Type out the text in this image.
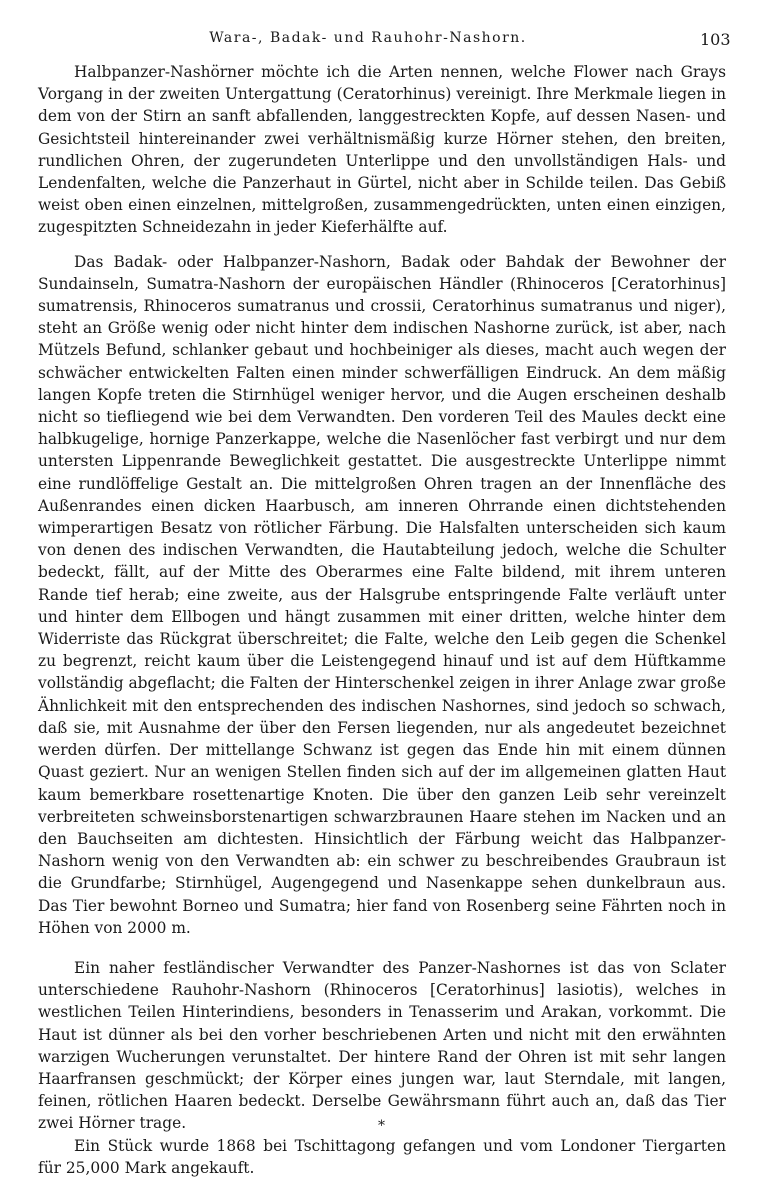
Wara-, Badak- und Rauhohr-Nashorn.	103

Halbpanzer-Nashörner möchte ich die Arten nennen, welche Flower nach Grays Vorgang in der zweiten Untergattung (Ceratorhinus) vereinigt. Ihre Merkmale liegen in dem von der Stirn an sanft abfallenden, langgestreckten Kopfe, auf dessen Nasen- und Gesichtsteil hintereinander zwei verhältnismäßig kurze Hörner stehen, den breiten, rundlichen Ohren, der zugerundeten Unterlippe und den unvollständigen Hals- und Lendenfalten, welche die Panzerhaut in Gürtel, nicht aber in Schilde teilen. Das Gebiß weist oben einen einzelnen, mittelgroßen, zusammengedrückten, unten einen einzigen, zugespitzten Schneidezahn in jeder Kieferhälfte auf.

Das Badak- oder Halbpanzer-Nashorn, Badak oder Bahdak der Bewohner der Sundainseln, Sumatra-Nashorn der europäischen Händler (Rhinoceros [Ceratorhinus] sumatrensis, Rhinoceros sumatranus und crossii, Ceratorhinus sumatranus und niger), steht an Größe wenig oder nicht hinter dem indischen Nashorne zurück, ist aber, nach Mützels Befund, schlanker gebaut und hochbeiniger als dieses, macht auch wegen der schwächer entwickelten Falten einen minder schwerfälligen Eindruck. An dem mäßig langen Kopfe treten die Stirnhügel weniger hervor, und die Augen erscheinen deshalb nicht so tiefliegend wie bei dem Verwandten. Den vorderen Teil des Maules deckt eine halbkugelige, hornige Panzerkappe, welche die Nasenlöcher fast verbirgt und nur dem untersten Lippenrande Beweglichkeit gestattet. Die ausgestreckte Unterlippe nimmt eine rundlöffelige Gestalt an. Die mittelgroßen Ohren tragen an der Innenfläche des Außenrandes einen dicken Haarbusch, am inneren Ohrrande einen dichtstehenden wimperartigen Besatz von rötlicher Färbung. Die Halsfalten unterscheiden sich kaum von denen des indischen Verwandten, die Hautabteilung jedoch, welche die Schulter bedeckt, fällt, auf der Mitte des Oberarmes eine Falte bildend, mit ihrem unteren Rande tief herab; eine zweite, aus der Halsgrube entspringende Falte verläuft unter und hinter dem Ellbogen und hängt zusammen mit einer dritten, welche hinter dem Widerriste das Rückgrat überschreitet; die Falte, welche den Leib gegen die Schenkel zu begrenzt, reicht kaum über die Leistengegend hinauf und ist auf dem Hüftkamme vollständig abgeflacht; die Falten der Hinterschenkel zeigen in ihrer Anlage zwar große Ähnlichkeit mit den entsprechenden des indischen Nashornes, sind jedoch so schwach, daß sie, mit Ausnahme der über den Fersen liegenden, nur als angedeutet bezeichnet werden dürfen. Der mittellange Schwanz ist gegen das Ende hin mit einem dünnen Quast geziert. Nur an wenigen Stellen finden sich auf der im allgemeinen glatten Haut kaum bemerkbare rosettenartige Knoten. Die über den ganzen Leib sehr vereinzelt verbreiteten schweinsborstenartigen schwarzbraunen Haare stehen im Nacken und an den Bauchseiten am dichtesten. Hinsichtlich der Färbung weicht das Halbpanzer-Nashorn wenig von den Verwandten ab: ein schwer zu beschreibendes Graubraun ist die Grundfarbe; Stirnhügel, Augengegend und Nasenkappe sehen dunkelbraun aus. Das Tier bewohnt Borneo und Sumatra; hier fand von Rosenberg seine Fährten noch in Höhen von 2000 m.

Ein naher festländischer Verwandter des Panzer-Nashornes ist das von Sclater unterschiedene Rauhohr-Nashorn (Rhinoceros [Ceratorhinus] lasiotis), welches in westlichen Teilen Hinterindiens, besonders in Tenasserim und Arakan, vorkommt. Die Haut ist dünner als bei den vorher beschriebenen Arten und nicht mit den erwähnten warzigen Wucherungen verunstaltet. Der hintere Rand der Ohren ist mit sehr langen Haarfransen geschmückt; der Körper eines jungen war, laut Sterndale, mit langen, feinen, rötlichen Haaren bedeckt. Derselbe Gewährsmann führt auch an, daß das Tier zwei Hörner trage.

Ein Stück wurde 1868 bei Tschittagong gefangen und vom Londoner Tiergarten für 25,000 Mark angekauft.

*
